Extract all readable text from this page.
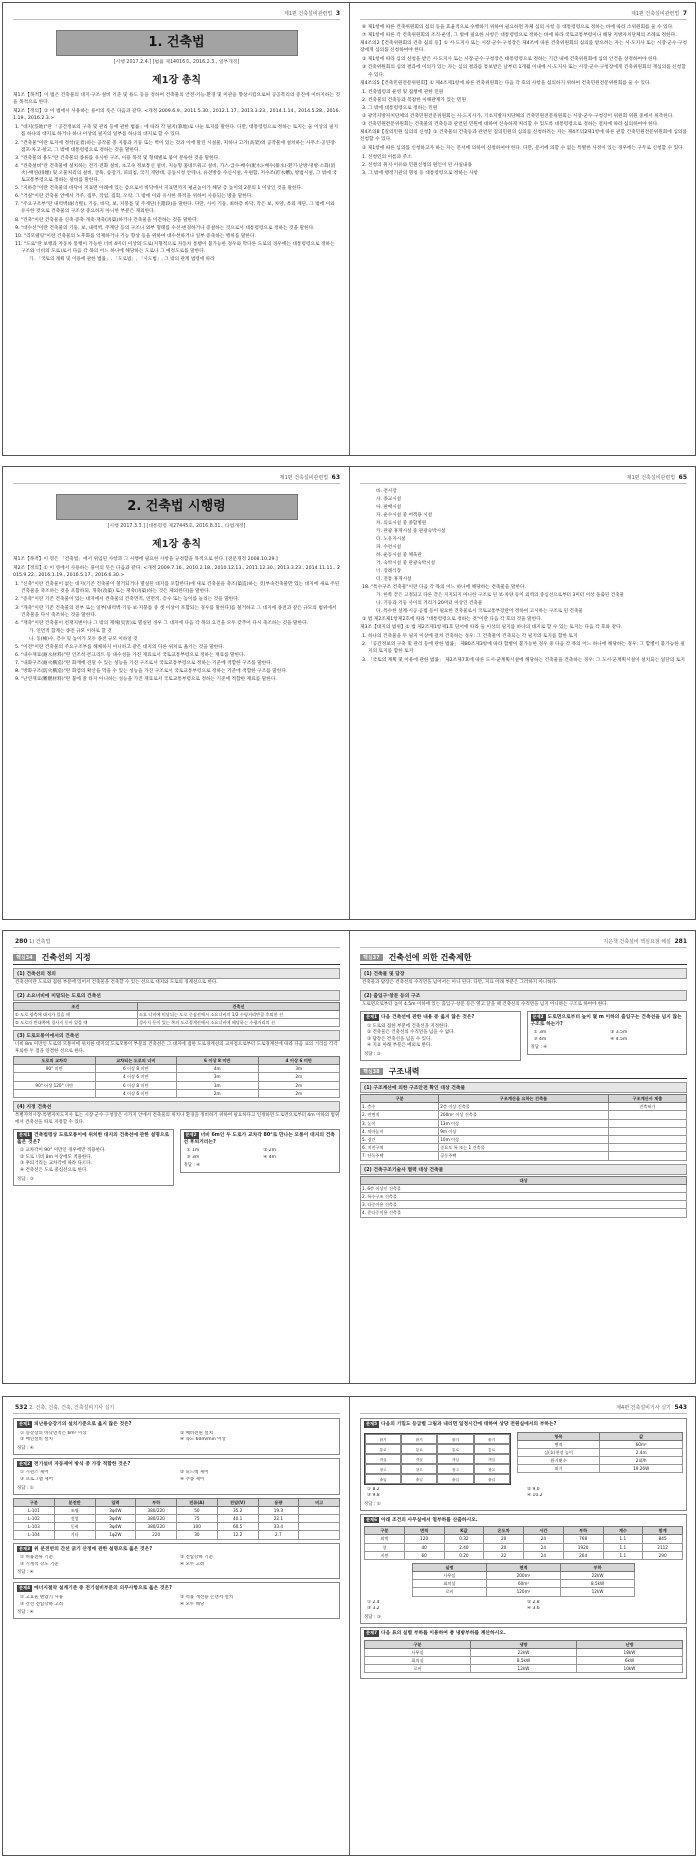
제1편 건축설비관련법 3
1. 건축법
[시행 2017.2.4.] [법률 제14016호, 2016.2.3., 일부개정]
제1장 총칙

제1조【목적】이 법은 건축물의 대지·구조·설비 기준 및 용도 등을 정하여 건축물의 안전·기능·환경 및 미관을 향상시킴으로써 공공복리의 증진에 이바지하는 것을 목적으로 한다.

제2조【정의】① 이 법에서 사용하는 용어의 뜻은 다음과 같다. <개정 2009.6.9., 2011.5.30., 2012.1.17., 2013.3.23., 2014.1.14., 2014.5.28., 2016.1.19., 2016.2.3.>

1. "대지(垈地)"란 「공간정보의 구축 및 관리 등에 관한 법률」에 따라 각 필지(筆地)로 나눈 토지를 말한다. 다만, 대통령령으로 정하는 토지는 둘 이상의 필지를 하나의 대지로 하거나 하나 이상의 필지의 일부를 하나의 대지로 할 수 있다.

2. "건축물"이란 토지에 정착(定着)하는 공작물 중 지붕과 기둥 또는 벽이 있는 것과 이에 딸린 시설물, 지하나 고가(高架)의 공작물에 설치하는 사무소·공연장·점포·차고·창고, 그 밖에 대통령령으로 정하는 것을 말한다.

3. "건축물의 용도"란 건축물의 종류를 유사한 구조, 이용 목적 및 형태별로 묶어 분류한 것을 말한다.

4. "건축설비"란 건축물에 설치하는 전기·전화 설비, 초고속 정보통신 설비, 지능형 홈네트워크 설비, 가스·급수·배수(配水)·배수(排水)·환기·난방·냉방·소화(消火)·배연(排煙) 및 오물처리의 설비, 굴뚝, 승강기, 피뢰침, 국기 게양대, 공동시청 안테나, 유선방송 수신시설, 우편함, 저수조(貯水槽), 방범시설, 그 밖에 국토교통부령으로 정하는 설비를 말한다.

5. "지하층"이란 건축물의 바닥이 지표면 아래에 있는 층으로서 바닥에서 지표면까지 평균높이가 해당 층 높이의 2분의 1 이상인 것을 말한다.

6. "거실"이란 건축물 안에서 거주, 집무, 작업, 집회, 오락, 그 밖에 이와 유사한 목적을 위하여 사용되는 방을 말한다.

7. "주요구조부"란 내력벽(耐力壁), 기둥, 바닥, 보, 지붕틀 및 주계단(主階段)을 말한다. 다만, 사이 기둥, 최하층 바닥, 작은 보, 차양, 옥외 계단, 그 밖에 이와 유사한 것으로 건축물의 구조상 중요하지 아니한 부분은 제외한다.

8. "건축"이란 건축물을 신축·증축·개축·재축(再築)하거나 건축물을 이전하는 것을 말한다.

9. "대수선"이란 건축물의 기둥, 보, 내력벽, 주계단 등의 구조나 외부 형태를 수선·변경하거나 증설하는 것으로서 대통령령으로 정하는 것을 말한다.

10. "리모델링"이란 건축물의 노후화를 억제하거나 기능 향상 등을 위하여 대수선하거나 일부 증축하는 행위를 말한다.

11. "도로"란 보행과 자동차 통행이 가능한 너비 4미터 이상의 도로(지형적으로 자동차 통행이 불가능한 경우와 막다른 도로의 경우에는 대통령령으로 정하는 구조와 너비의 도로)로서 다음 각 목의 어느 하나에 해당하는 도로나 그 예정도로를 말한다.

가. 「국토의 계획 및 이용에 관한 법률」, 「도로법」, 「사도법」, 그 밖의 관계 법령에 따라

제1편 건축설비관련법 7

⑥ 제1항에 따른 건축위원회의 심의 등을 효율적으로 수행하기 위하여 필요하면 자체 심의 사항 등 대통령령으로 정하는 바에 따라 소위원회를 둘 수 있다.

⑦ 제1항에 따른 각 건축위원회의 조직·운영, 그 밖에 필요한 사항은 대통령령으로 정하는 바에 따라 국토교통부령이나 해당 지방자치단체의 조례로 정한다.

제4조의2【건축위원회의 건축 심의 등】① 시·도지사 또는 시장·군수·구청장은 제4조에 따른 건축위원회의 심의를 받으려는 자는 시·도지사 또는 시장·군수·구청장에게 심의를 신청하여야 한다.

② 제1항에 따라 심의 신청을 받은 시·도지사 또는 시장·군수·구청장은 대통령령으로 정하는 기간 내에 건축위원회에 심의 안건을 상정하여야 한다.

③ 건축위원회의 심의 결과에 이의가 있는 자는 심의 결과를 통보받은 날부터 1개월 이내에 시·도지사 또는 시장·군수·구청장에게 건축위원회의 재심의를 신청할 수 있다.

제4조의5【건축민원전문위원회】① 제4조제1항에 따른 건축위원회는 다음 각 호의 사항을 심의하기 위하여 건축민원전문위원회를 둘 수 있다.

1. 건축법령의 운영 및 집행에 관한 민원

2. 건축물의 건축등과 복잡한 이해관계가 있는 민원

3. 그 밖에 대통령령으로 정하는 민원

② 광역지방자치단체의 건축민원전문위원회는 시·도지사가, 기초지방자치단체의 건축민원전문위원회는 시장·군수·구청장이 위원회 위원 중에서 위촉한다.

③ 건축민원전문위원회는 건축물의 건축등과 관련된 민원에 대하여 신속하게 처리할 수 있도록 대통령령으로 정하는 절차에 따라 심의하여야 한다.

제4조의8【질의민원 심의의 신청】① 건축물의 건축등과 관련된 질의민원의 심의를 신청하려는 자는 제4조의2제1항에 따른 관할 건축민원전문위원회에 심의를 신청할 수 있다.

② 제1항에 따른 심의를 신청하고자 하는 자는 문서에 의하여 신청하여야 한다. 다만, 문서에 의할 수 없는 특별한 사정이 있는 경우에는 구두로 신청할 수 있다.

1. 신청인의 이름과 주소

2. 신청의 취지·이유와 민원신청의 원인이 된 사실내용

3. 그 밖에 행정기관의 명칭 등 대통령령으로 정하는 사항

제1편 건축설비관련법 63
2. 건축법 시행령
[시행 2017.3.3.] [대통령령 제27445호, 2016.8.31., 타법개정]
제1장 총칙

제1조【목적】이 영은 「건축법」에서 위임된 사항과 그 시행에 필요한 사항을 규정함을 목적으로 한다. [전문개정 2008.10.29.]

제2조【정의】① 이 영에서 사용하는 용어의 뜻은 다음과 같다. <개정 2009.7.16., 2010.2.18., 2010.12.13., 2011.12.30., 2013.3.23., 2014.11.11., 2015.9.22., 2016.1.19., 2016.5.17., 2016.6.30.>

1. "신축"이란 건축물이 없는 대지(기존 건축물이 철거되거나 멸실된 대지를 포함한다)에 새로 건축물을 축조(築造)하는 것[부속건축물만 있는 대지에 새로 주된 건축물을 축조하는 것을 포함하되, 개축(改築) 또는 재축(再築)하는 것은 제외한다]을 말한다.

2. "증축"이란 기존 건축물이 있는 대지에서 건축물의 건축면적, 연면적, 층수 또는 높이를 늘리는 것을 말한다.

3. "개축"이란 기존 건축물의 전부 또는 일부[내력벽·기둥·보·지붕틀 중 셋 이상이 포함되는 경우를 말한다]를 철거하고 그 대지에 종전과 같은 규모의 범위에서 건축물을 다시 축조하는 것을 말한다.

4. "재축"이란 건축물이 천재지변이나 그 밖의 재해(災害)로 멸실된 경우 그 대지에 다음 각 목의 요건을 모두 갖추어 다시 축조하는 것을 말한다.

가. 연면적 합계는 종전 규모 이하로 할 것

나. 동(棟)수, 층수 및 높이가 모두 종전 규모 이하일 것

5. "이전"이란 건축물의 주요구조부를 해체하지 아니하고 같은 대지의 다른 위치로 옮기는 것을 말한다.

6. "내수재료(耐水材料)"란 인조석·콘크리트 등 내수성을 가진 재료로서 국토교통부령으로 정하는 재료를 말한다.

7. "내화구조(耐火構造)"란 화재에 견딜 수 있는 성능을 가진 구조로서 국토교통부령으로 정하는 기준에 적합한 구조를 말한다.

8. "방화구조(防火構造)"란 화염의 확산을 막을 수 있는 성능을 가진 구조로서 국토교통부령으로 정하는 기준에 적합한 구조를 말한다.

9. "난연재료(難燃材料)"란 불에 잘 타지 아니하는 성능을 가진 재료로서 국토교통부령으로 정하는 기준에 적합한 재료를 말한다.

제1편 건축설비관련법 65

바. 전시장

사. 종교시설

아. 판매시설

자. 운수시설 중 여객용 시설

차. 의료시설 중 종합병원

카. 관광 휴게시설 중 관광숙박시설

타. 노유자시설

파. 수련시설

하. 운동시설 중 체육관

거. 숙박시설 중 관광숙박시설

너. 장례식장

더. 전통 휴게시설

18. "특수구조 건축물"이란 다음 각 목의 어느 하나에 해당하는 건축물을 말한다.

가. 한쪽 끝은 고정되고 다른 끝은 지지되지 아니한 구조로 된 보·차양 등이 외벽의 중심선으로부터 3미터 이상 돌출된 건축물

나. 기둥과 기둥 사이의 거리가 20미터 이상인 건축물

다. 특수한 설계·시공·공법 등이 필요한 건축물로서 국토교통부장관이 정하여 고시하는 구조로 된 건축물

② 법 제2조제1항제2호에 따라 "대통령령으로 정하는 것"이란 다음 각 호의 것을 말한다.

제3조【대지의 범위】① 법 제2조제1항제1호 단서에 따라 둘 이상의 필지를 하나의 대지로 할 수 있는 토지는 다음 각 호와 같다.

1. 하나의 건축물을 두 필지 이상에 걸쳐 건축하는 경우: 그 건축물이 건축되는 각 필지의 토지를 합한 토지

2. 「공간정보의 구축 및 관리 등에 관한 법률」 제80조제3항에 따라 합병이 불가능한 경우 중 다음 각 목의 어느 하나에 해당하는 경우: 그 합병이 불가능한 필지의 토지를 합한 토지

3. 「국토의 계획 및 이용에 관한 법률」 제2조제7호에 따른 도시·군계획시설에 해당하는 건축물을 건축하는 경우: 그 도시·군계획시설이 설치되는 일단의 토지

280 1) 건축법
핵심34	건축선의 지정
(1) 건축선의 정의
건축선이란 도로와 접한 부분에 있어서 건축물을 건축할 수 있는 선으로 대지와 도로의 경계선으로 한다.
(2) 소요너비에 미달되는 도로의 건축선
조건	건축선
① 도로 양측에 대지가 있을 때	소요 너비에 미달되는 도로 중심선에서 소요너비의 1/2 수평거리만큼 후퇴한 선
② 도로의 반대쪽에 경사지 등이 있을 때	경사지 등이 있는 쪽의 도로경계선에서 소요너비에 해당하는 수평거리의 선
(3) 도로모퉁이에서의 건축선
너비 8m 미만인 도로의 모퉁이에 위치한 대지의 도로모퉁이 부분의 건축선은 그 대지에 접한 도로경계선의 교차점으로부터 도로경계선에 따라 다음 표의 거리를 각각 후퇴한 두 점을 연결한 선으로 한다.
도로의 교차각	교차되는 도로의 너비	6 이상 8 미만	4 이상 6 미만
90° 미만	6 이상 8 미만	4m	3m
	4 이상 6 미만	3m	2m
90° 이상 120° 미만	6 이상 8 미만	3m	2m
	4 이상 6 미만	2m	2m
(4) 지정 건축선
특별자치시장·특별자치도지사 또는 시장·군수·구청장은 시가지 안에서 건축물의 위치나 환경을 정비하기 위하여 필요하다고 인정하면 도로면으로부터 4m 이하의 범위에서 건축선을 따로 지정할 수 있다.
문제1 건축법령상 도로모퉁이에 위치한 대지의 건축선에 관한 설명으로 옳은 것은?
① 교차각이 90° 미만인 경우에만 적용한다.
② 도로 너비 8m 이상에도 적용한다.
③ 후퇴거리는 교차각에 따라 다르다.
④ 건축선은 도로 중심선으로 한다.
정답 : ③
문제2 너비 6m인 두 도로가 교차각 80°로 만나는 모퉁이 대지의 건축선 후퇴거리는?
① 1m	② 2m
③ 3m	④ 4m
정답 : ④
지은책 건축설비 핵심요점 해설 281
핵심37	건축선에 의한 건축제한
(1) 건축물 및 담장
건축물과 담장은 건축선의 수직면을 넘어서는 아니 된다. 다만, 지표 아래 부분은 그러하지 아니하다.
(2) 출입구·창문 등의 구조
도로면으로부터 높이 4.5m 이하에 있는 출입구·창문 등은 열고 닫을 때 건축선의 수직면을 넘지 아니하는 구조로 하여야 한다.
문제1 다음 건축선에 관한 내용 중 옳지 않은 것은?
① 도로와 접한 부분에 건축선을 지정한다.
② 건축물은 건축선의 수직면을 넘을 수 없다.
③ 담장은 건축선을 넘을 수 있다.
④ 지표 아래 부분은 예외로 한다.
정답 : ③
문제2 도로면으로부터 높이 몇 m 이하의 출입구는 건축선을 넘지 않는 구조로 하는가?
① 3m	② 3.5m
③ 4m	④ 4.5m
정답 : ④
핵심38	구조내력
(1) 구조계산에 의한 구조안전 확인 대상 건축물
구분	구조계산을 요하는 건축물	구조계산서 제출
1. 층수	2층 이상 건축물	건축허가
2. 연면적	200m² 이상 건축물	
3. 높이	13m 이상	
4. 처마높이	9m 이상	
5. 경간	10m 이상	
6. 지진구역	중요도 특 또는 1 건축물	
7. 단독주택	공동주택	
(2) 건축구조기술사 협력 대상 건축물
대상
1. 6층 이상인 건축물
2. 특수구조 건축물
3. 다중이용 건축물
4. 준다중이용 건축물
532 2. 건축, 건축, 건축, 건축설비기사 실기
문제1 피난용승강기의 설치기준으로 옳지 않은 것은?
① 승강장의 바닥면적은 6m² 이상	② 예비전원 설치
③ 배연설비 설치	④ 속도 60m/min 이상
정답 : ④
문제2 전기설비 자동제어 방식 중 가장 적합한 것은?
① 시퀀스 제어	② 피드백 제어
③ 프로그램 제어	④ 추종 제어
정답 : ②
구분	분전반	입력	부하	전류(A)	전압(V)	용량	비고
L-101	조명	3φ4W	380/220	50	35.2	19.3	
L-102	전열	3φ4W	380/220	75	40.1	22.1	
L-103	동력	3φ4W	380/220	100	60.5	33.4	
L-104	기타	1φ2W	220	30	12.2	2.7	
문제3 위 분전반의 간선 굵기 산정에 관한 설명으로 옳은 것은?
① 허용전류 기준	② 전압강하 기준
③ 기계적 강도 기준	④ 모두 고려
정답 : ④
문제4 에너지절약 설계기준 중 전기설비부문의 의무사항으로 옳은 것은?
① 고효율 변압기 사용	② 역률 개선용 콘덴서 설치
③ 간선 전압강하 고려	④ 모두 해당
정답 : ④
제4편 건축설비기사 실기 543
문제5 다음의 기밀도 등급별 그림과 내리면 일정시간에 대하여 상당 전원실에서의 부하는?
환기	환기	환기	환기
통로	통로	통로	통로
객실	객실	객실	객실
창고	창고	창고	창고
출입	출입	출입	출입
항목	값
면적	60m²
실(호)천장 높이	2.4m
환기횟수	2회/h
외기	19.26W
① 8.2	② 9.0
③ 9.8	④ 10.2
정답 : ②
문제6 아래 조건의 사무실에서 열부하를 산출하시오.
구분	면적	K값	온도차	시간	부하	계수	합계
외벽	120	0.32	20	24	768	1.1	845
창	40	2.40	20	24	1920	1.1	2112
지붕	60	0.20	22	24	264	1.1	290
실명	면적	부하
사무실	200m²	22kW
회의실	60m²	8.5kW
로비	120m²	12kW
① 2.4	② 2.8
③ 3.2	④ 3.6
정답 : ③
문제7 다음 표의 실별 부하를 이용하여 총 냉방부하를 계산하시오.
구분	냉방	난방
사무실	22kW	18kW
회의실	8.5kW	6kW
로비	12kW	10kW
